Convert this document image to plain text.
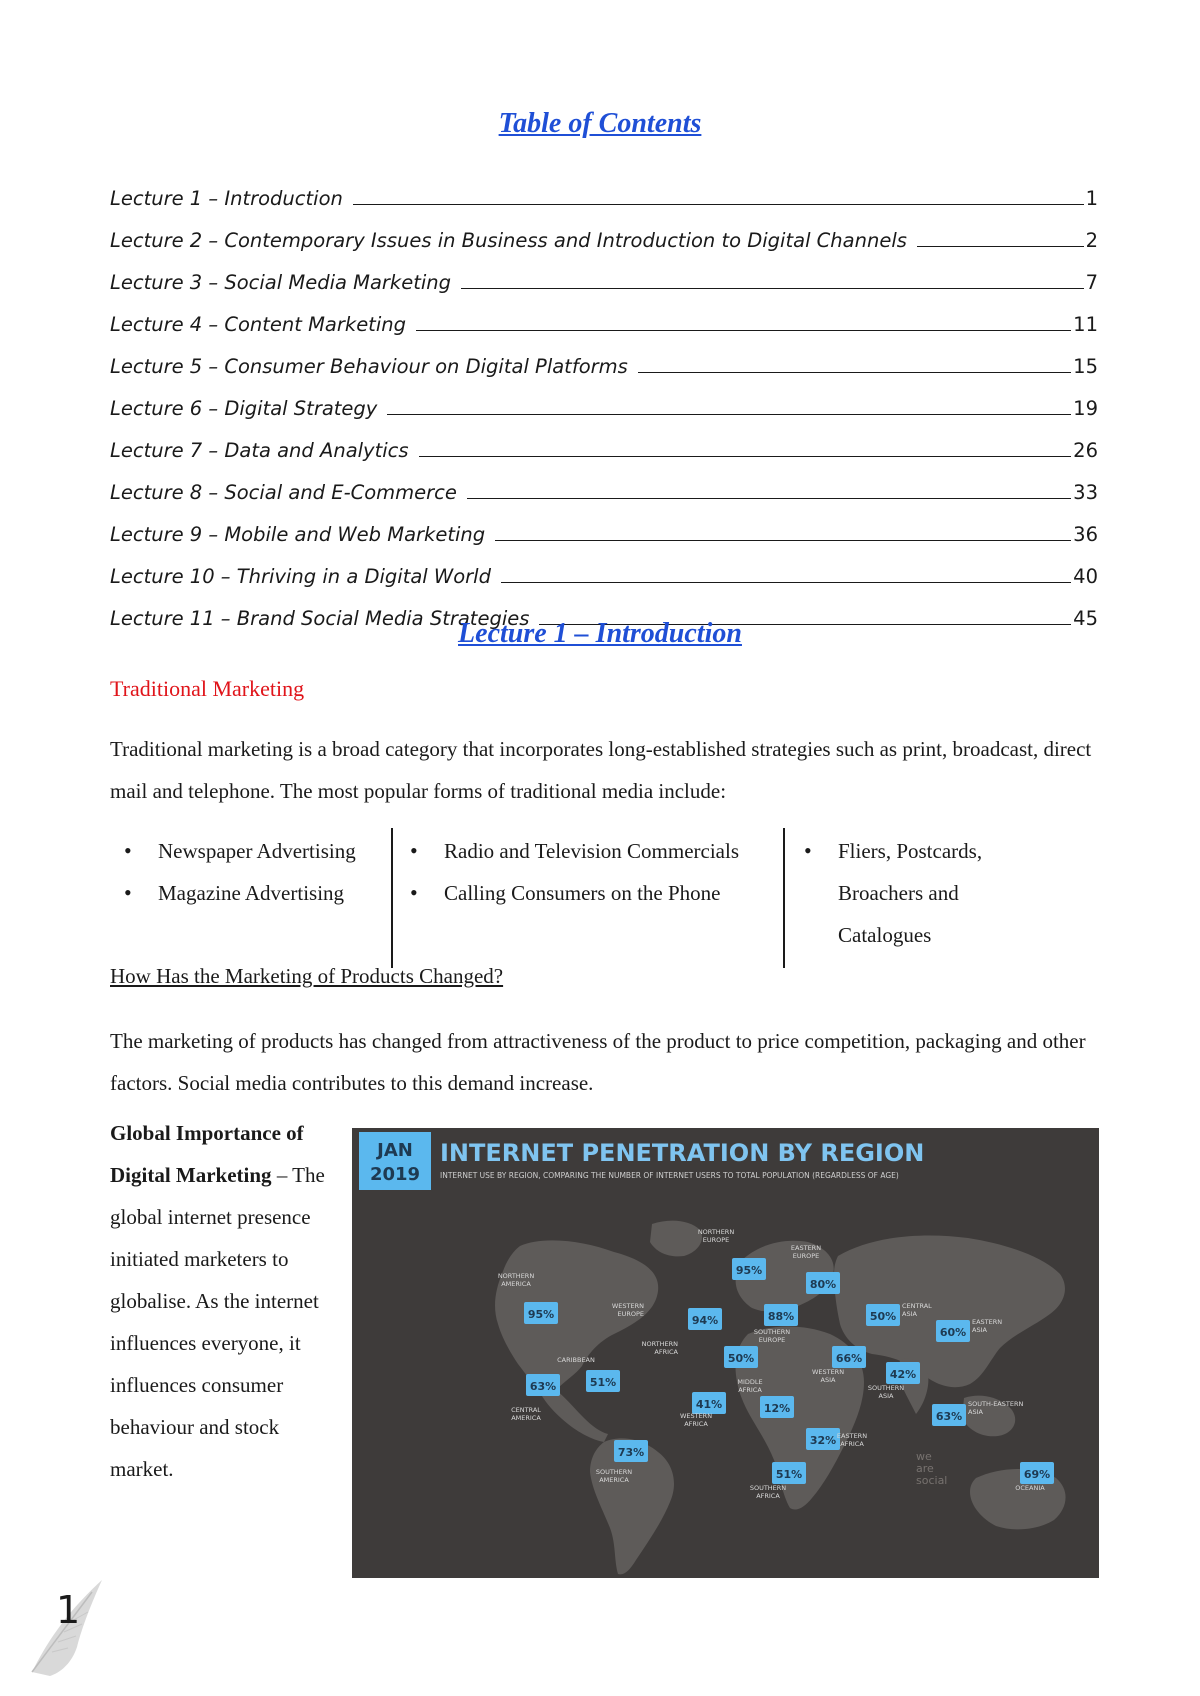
Table of Contents
Lecture 1 – Introduction	1
Lecture 2 – Contemporary Issues in Business and Introduction to Digital Channels	2
Lecture 3 – Social Media Marketing	7
Lecture 4 – Content Marketing	11
Lecture 5 – Consumer Behaviour on Digital Platforms	15
Lecture 6 – Digital Strategy	19
Lecture 7 – Data and Analytics	26
Lecture 8 – Social and E-Commerce	33
Lecture 9 – Mobile and Web Marketing	36
Lecture 10 – Thriving in a Digital World	40
Lecture 11 – Brand Social Media Strategies	45
Lecture 1 – Introduction
Traditional Marketing
Traditional marketing is a broad category that incorporates long-established strategies such as print, broadcast, direct mail and telephone. The most popular forms of traditional media include:
• Newspaper Advertising
• Magazine Advertising
• Radio and Television Commercials
• Calling Consumers on the Phone
• Fliers, Postcards, Broachers and Catalogues
How Has the Marketing of Products Changed?
The marketing of products has changed from attractiveness of the product to price competition, packaging and other factors. Social media contributes to this demand increase.
Global Importance of Digital Marketing – The global internet presence initiated marketers to globalise. As the internet influences everyone, it influences consumer behaviour and stock market.
JAN
2019
INTERNET PENETRATION BY REGION
INTERNET USE BY REGION, COMPARING THE NUMBER OF INTERNET USERS TO TOTAL POPULATION (REGARDLESS OF AGE)
we
are
social
95%
NORTHERN
AMERICA
63%
CENTRAL
AMERICA
51%
CARIBBEAN
73%
SOUTHERN
AMERICA
95%
NORTHERN
EUROPE
94%
WESTERN
EUROPE	88%
SOUTHERN
EUROPE
80%
EASTERN
EUROPE
50%
NORTHERN
AFRICA
41%
WESTERN
AFRICA
12%
MIDDLE
AFRICA
32% EASTERN
AFRICA
51%
SOUTHERN
AFRICA
66%
WESTERN
ASIA
50%
CENTRAL
ASIA
42%
SOUTHERN
ASIA
60%
EASTERN
ASIA
63%
SOUTH-EASTERN
ASIA
69%
OCEANIA
1
